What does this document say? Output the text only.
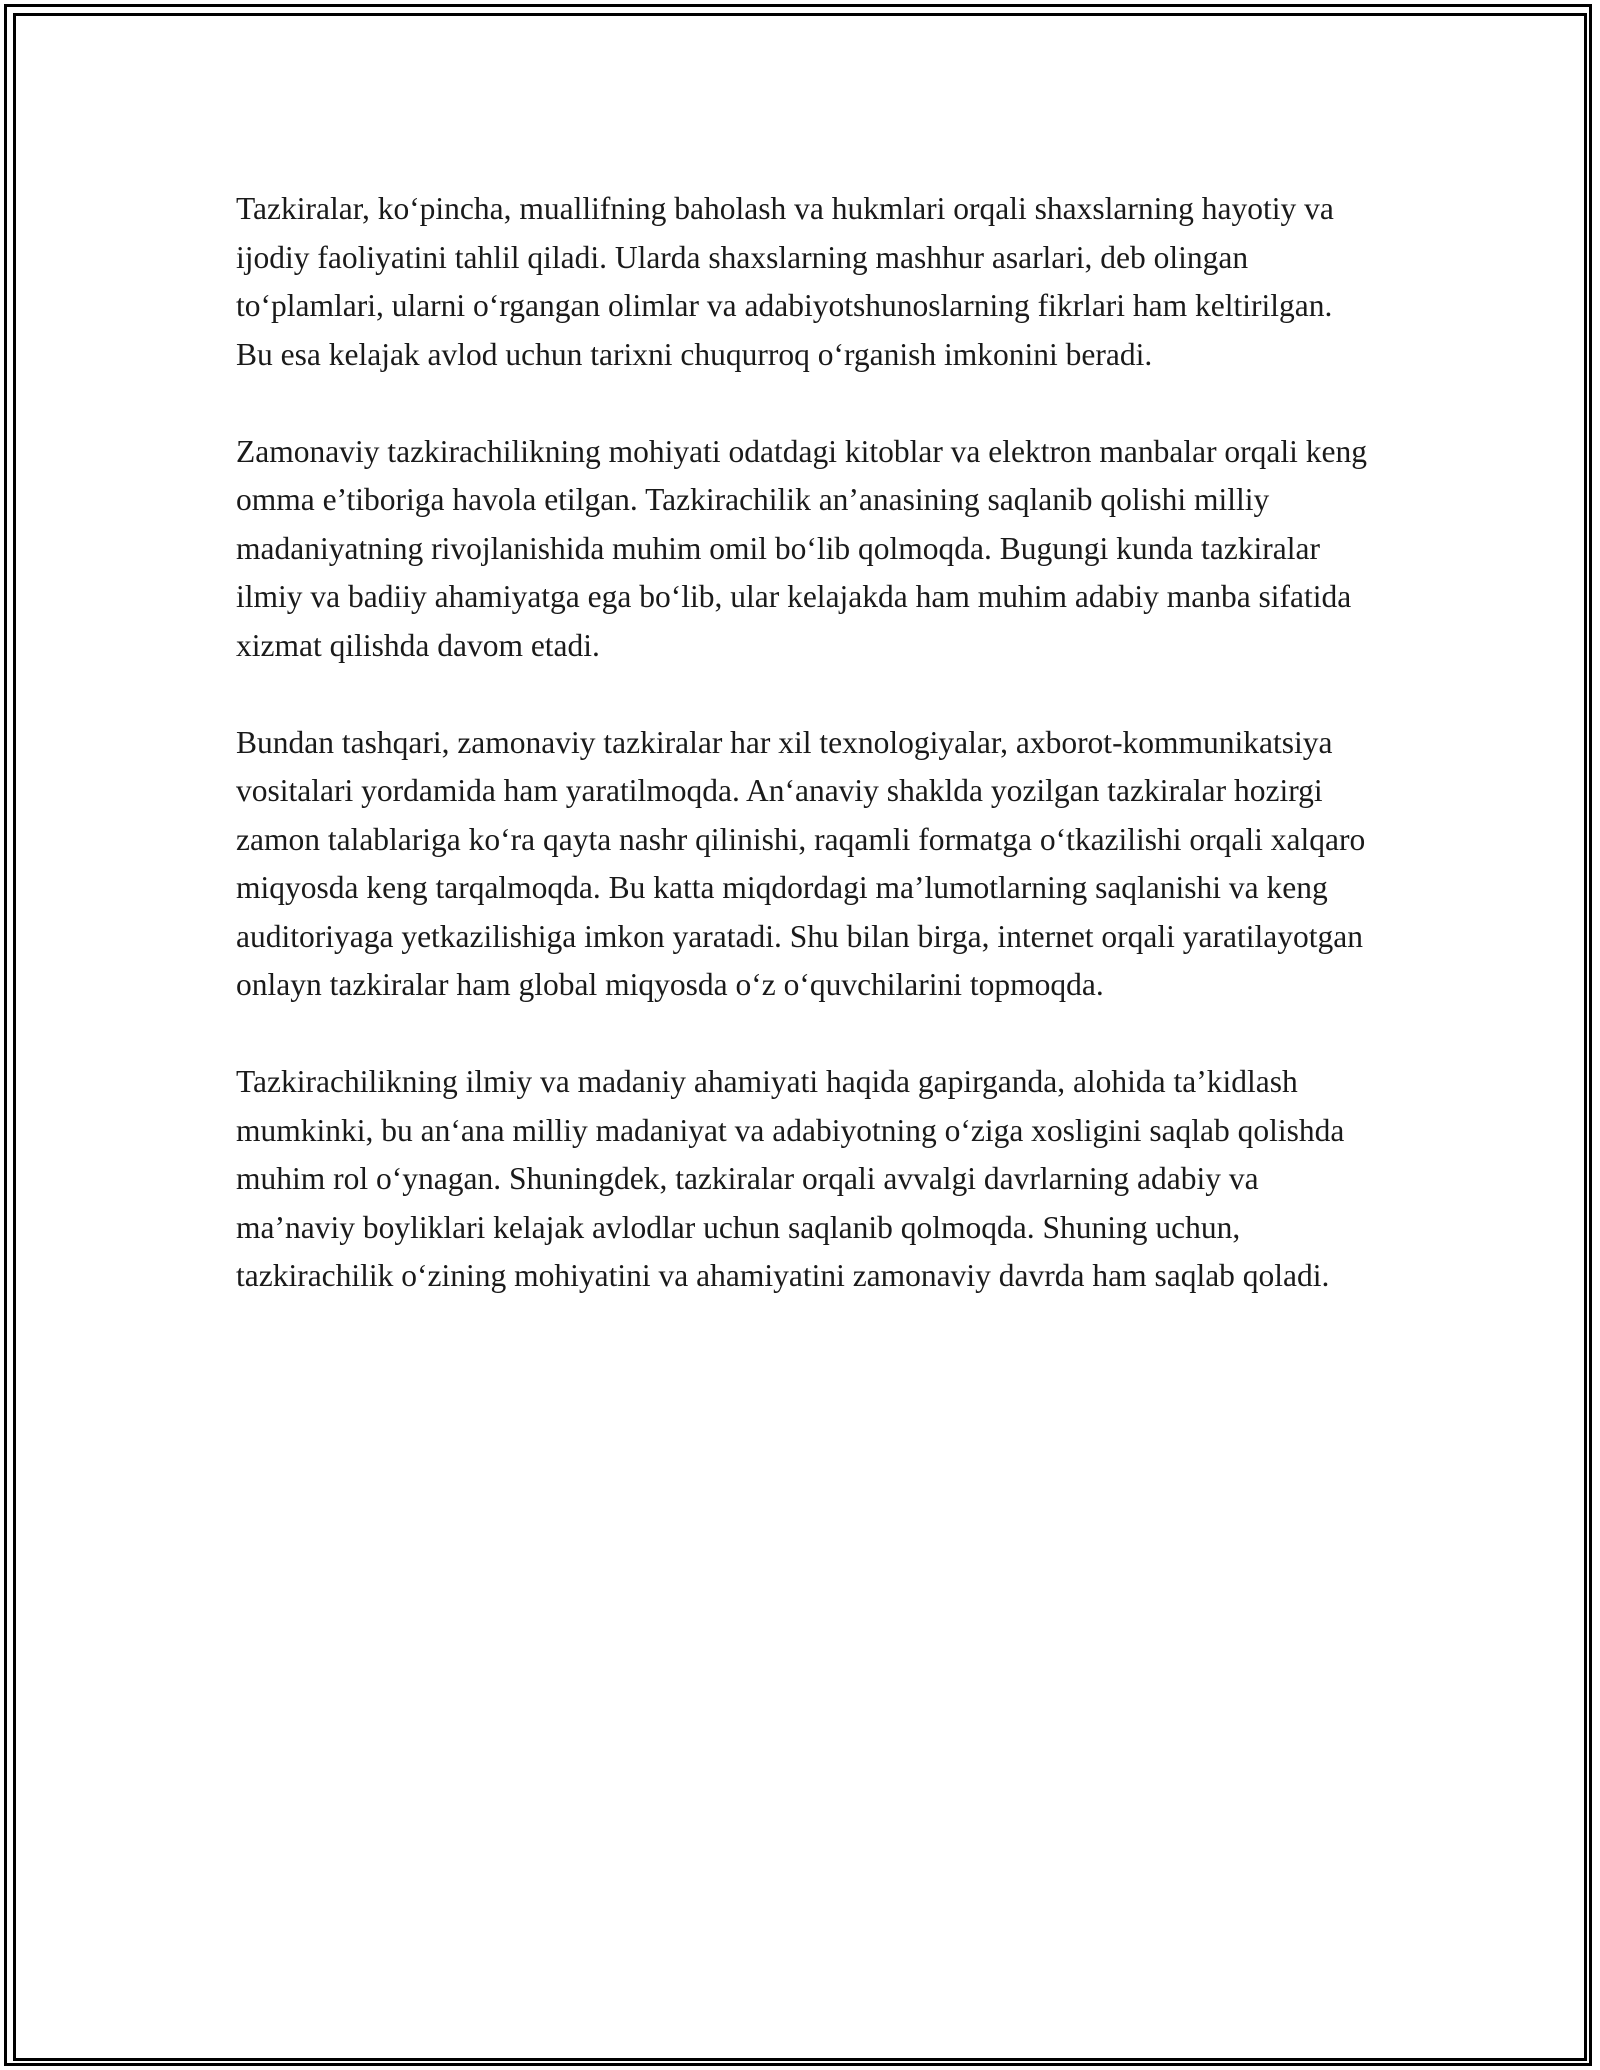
Tazkiralar, ko‘pincha, muallifning baholash va hukmlari orqali shaxslarning hayotiy va ijodiy faoliyatini tahlil qiladi. Ularda shaxslarning mashhur asarlari, deb olingan to‘plamlari, ularni o‘rgangan olimlar va adabiyotshunoslarning fikrlari ham keltirilgan. Bu esa kelajak avlod uchun tarixni chuqurroq o‘rganish imkonini beradi.

Zamonaviy tazkirachilikning mohiyati odatdagi kitoblar va elektron manbalar orqali keng omma e’tiboriga havola etilgan. Tazkirachilik an’anasining saqlanib qolishi milliy madaniyatning rivojlanishida muhim omil bo‘lib qolmoqda. Bugungi kunda tazkiralar ilmiy va badiiy ahamiyatga ega bo‘lib, ular kelajakda ham muhim adabiy manba sifatida xizmat qilishda davom etadi.

Bundan tashqari, zamonaviy tazkiralar har xil texnologiyalar, axborot-kommunikatsiya vositalari yordamida ham yaratilmoqda. An‘anaviy shaklda yozilgan tazkiralar hozirgi zamon talablariga ko‘ra qayta nashr qilinishi, raqamli formatga o‘tkazilishi orqali xalqaro miqyosda keng tarqalmoqda. Bu katta miqdordagi ma’lumotlarning saqlanishi va keng auditoriyaga yetkazilishiga imkon yaratadi. Shu bilan birga, internet orqali yaratilayotgan onlayn tazkiralar ham global miqyosda o‘z o‘quvchilarini topmoqda.

Tazkirachilikning ilmiy va madaniy ahamiyati haqida gapirganda, alohida ta’kidlash mumkinki, bu an‘ana milliy madaniyat va adabiyotning o‘ziga xosligini saqlab qolishda muhim rol o‘ynagan. Shuningdek, tazkiralar orqali avvalgi davrlarning adabiy va ma’naviy boyliklari kelajak avlodlar uchun saqlanib qolmoqda. Shuning uchun, tazkirachilik o‘zining mohiyatini va ahamiyatini zamonaviy davrda ham saqlab qoladi.
